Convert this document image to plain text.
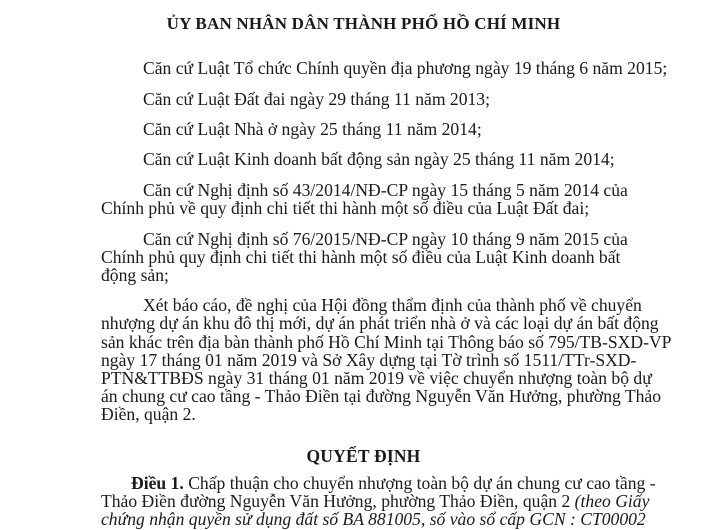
ỦY BAN NHÂN DÂN THÀNH PHỐ HỒ CHÍ MINH
Căn cứ Luật Tổ chức Chính quyền địa phương ngày 19 tháng 6 năm 2015;
Căn cứ Luật Đất đai ngày 29 tháng 11 năm 2013;
Căn cứ Luật Nhà ở ngày 25 tháng 11 năm 2014;
Căn cứ Luật Kinh doanh bất động sản ngày 25 tháng 11 năm 2014;
Căn cứ Nghị định số 43/2014/NĐ-CP ngày 15 tháng 5 năm 2014 của
Chính phủ về quy định chi tiết thi hành một số điều của Luật Đất đai;
Căn cứ Nghị định số 76/2015/NĐ-CP ngày 10 tháng 9 năm 2015 của
Chính phủ quy định chi tiết thi hành một số điều của Luật Kinh doanh bất
động sản;
Xét báo cáo, đề nghị của Hội đồng thẩm định của thành phố về chuyển
nhượng dự án khu đô thị mới, dự án phát triển nhà ở và các loại dự án bất động
sản khác trên địa bàn thành phố Hồ Chí Minh tại Thông báo số 795/TB-SXD-VP
ngày 17 tháng 01 năm 2019 và Sở Xây dựng tại Tờ trình số 1511/TTr-SXD-
PTN&TTBĐS ngày 31 tháng 01 năm 2019 về việc chuyển nhượng toàn bộ dự
án chung cư cao tầng - Thảo Điền tại đường Nguyễn Văn Hưởng, phường Thảo
Điền, quận 2.
QUYẾT ĐỊNH
Điều 1. Chấp thuận cho chuyển nhượng toàn bộ dự án chung cư cao tầng -
Thảo Điền đường Nguyễn Văn Hưởng, phường Thảo Điền, quận 2 (theo Giấy
chứng nhận quyền sử dụng đất số BA 881005, số vào sổ cấp GCN : CT00002
